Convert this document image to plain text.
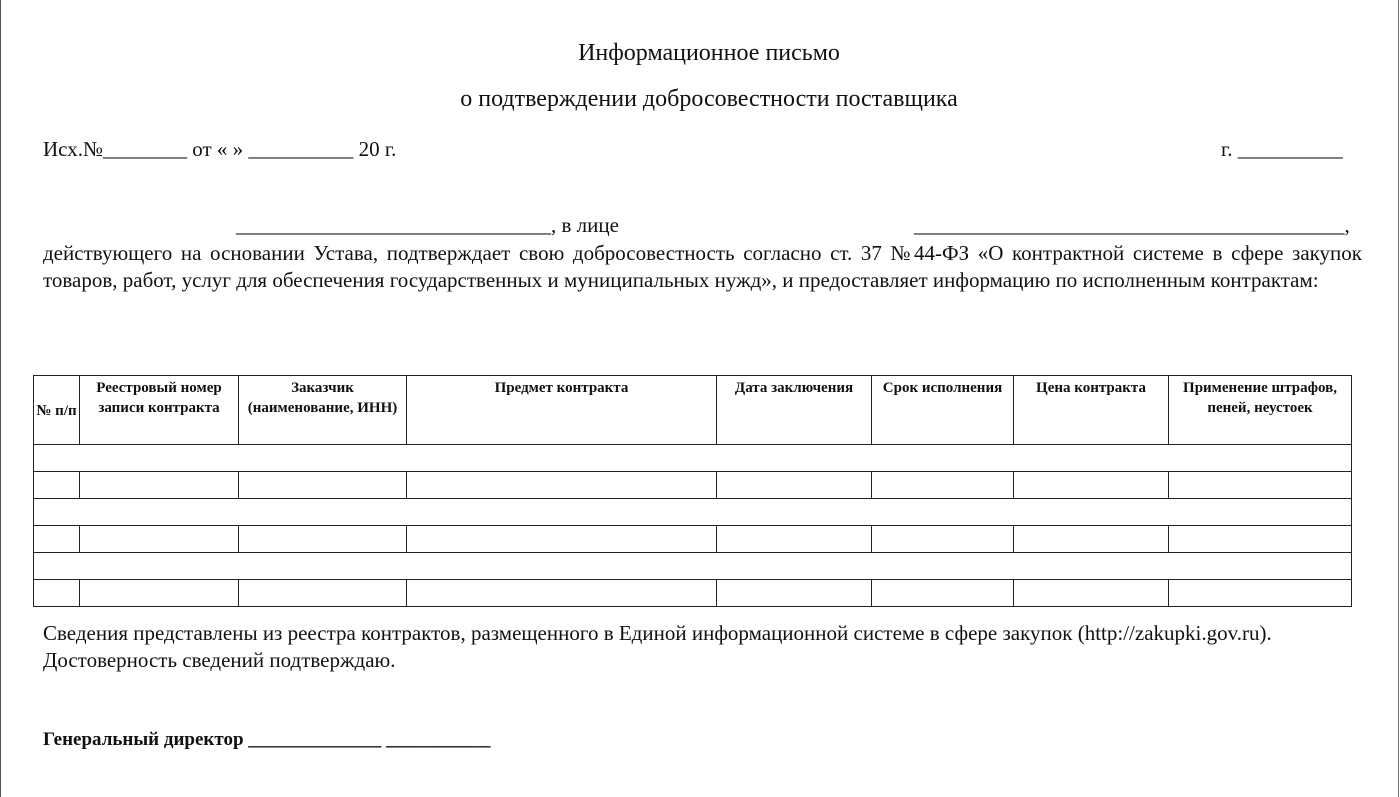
Информационное письмо
о подтверждении добросовестности поставщика
Исх.№________ от « » __________ 20 г.	г. __________
______________________________, в лице	_________________________________________,
действующего на основании Устава, подтверждает свою добросовестность согласно ст. 37 №44-ФЗ «О контрактной системе в сфере закупок товаров, работ, услуг для обеспечения государственных и муниципальных нужд», и предоставляет информацию по исполненным контрактам:
№ п/п	Реестровый номер записи контракта	Заказчик (наименование, ИНН)	Предмет контракта	Дата заключения	Срок исполнения	Цена контракта	Применение штрафов, пеней, неустоек

Сведения представлены из реестра контрактов, размещенного в Единой информационной системе в сфере закупок (http://zakupki.gov.ru).
Достоверность сведений подтверждаю.
Генеральный директор ______________ ___________
